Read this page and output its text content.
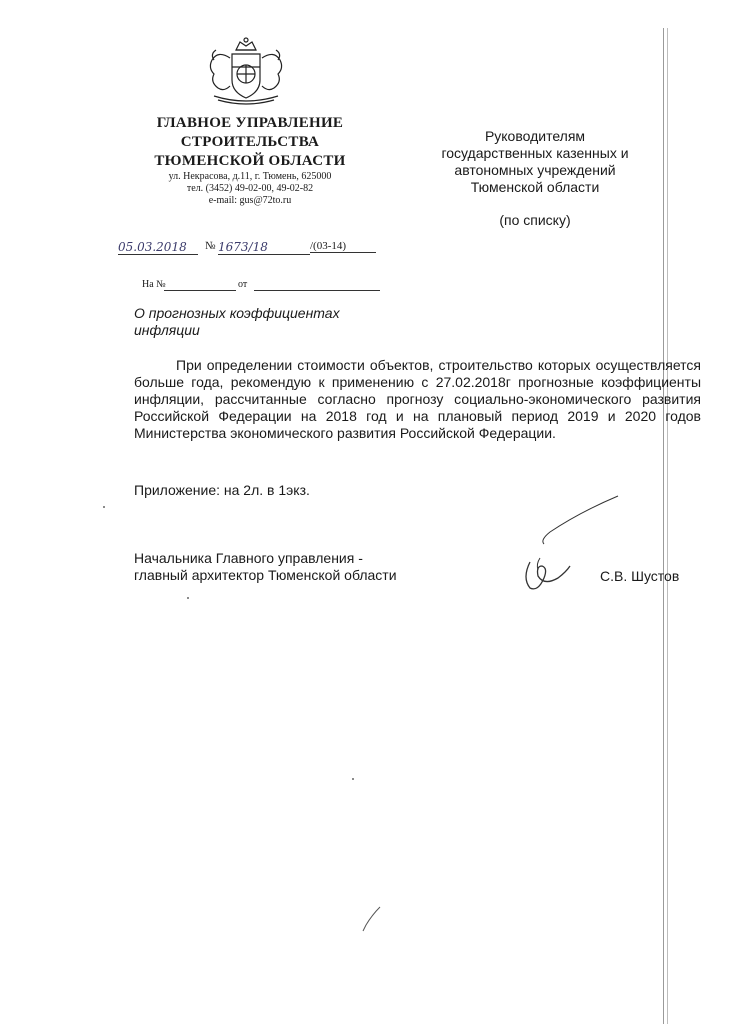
ГЛАВНОЕ УПРАВЛЕНИЕ
СТРОИТЕЛЬСТВА
ТЮМЕНСКОЙ ОБЛАСТИ
ул. Некрасова, д.11, г. Тюмень, 625000
тел. (3452) 49-02-00, 49-02-82
e-mail: gus@72to.ru
Руководителям
государственных казенных и
автономных учреждений
Тюменской области
(по списку)
05.03.2018	№ 1673/18	/(03-14)
На №	от
О прогнозных коэффициентах
инфляции
При определении стоимости объектов, строительство которых осуществляется больше года, рекомендую к применению с 27.02.2018г прогнозные коэффициенты инфляции, рассчитанные согласно прогнозу социально-экономического развития Российской Федерации на 2018 год и на плановый период 2019 и 2020 годов Министерства экономического развития Российской Федерации.
Приложение: на 2л. в 1экз.
Начальника Главного управления -
главный архитектор Тюменской области	С.В. Шустов
